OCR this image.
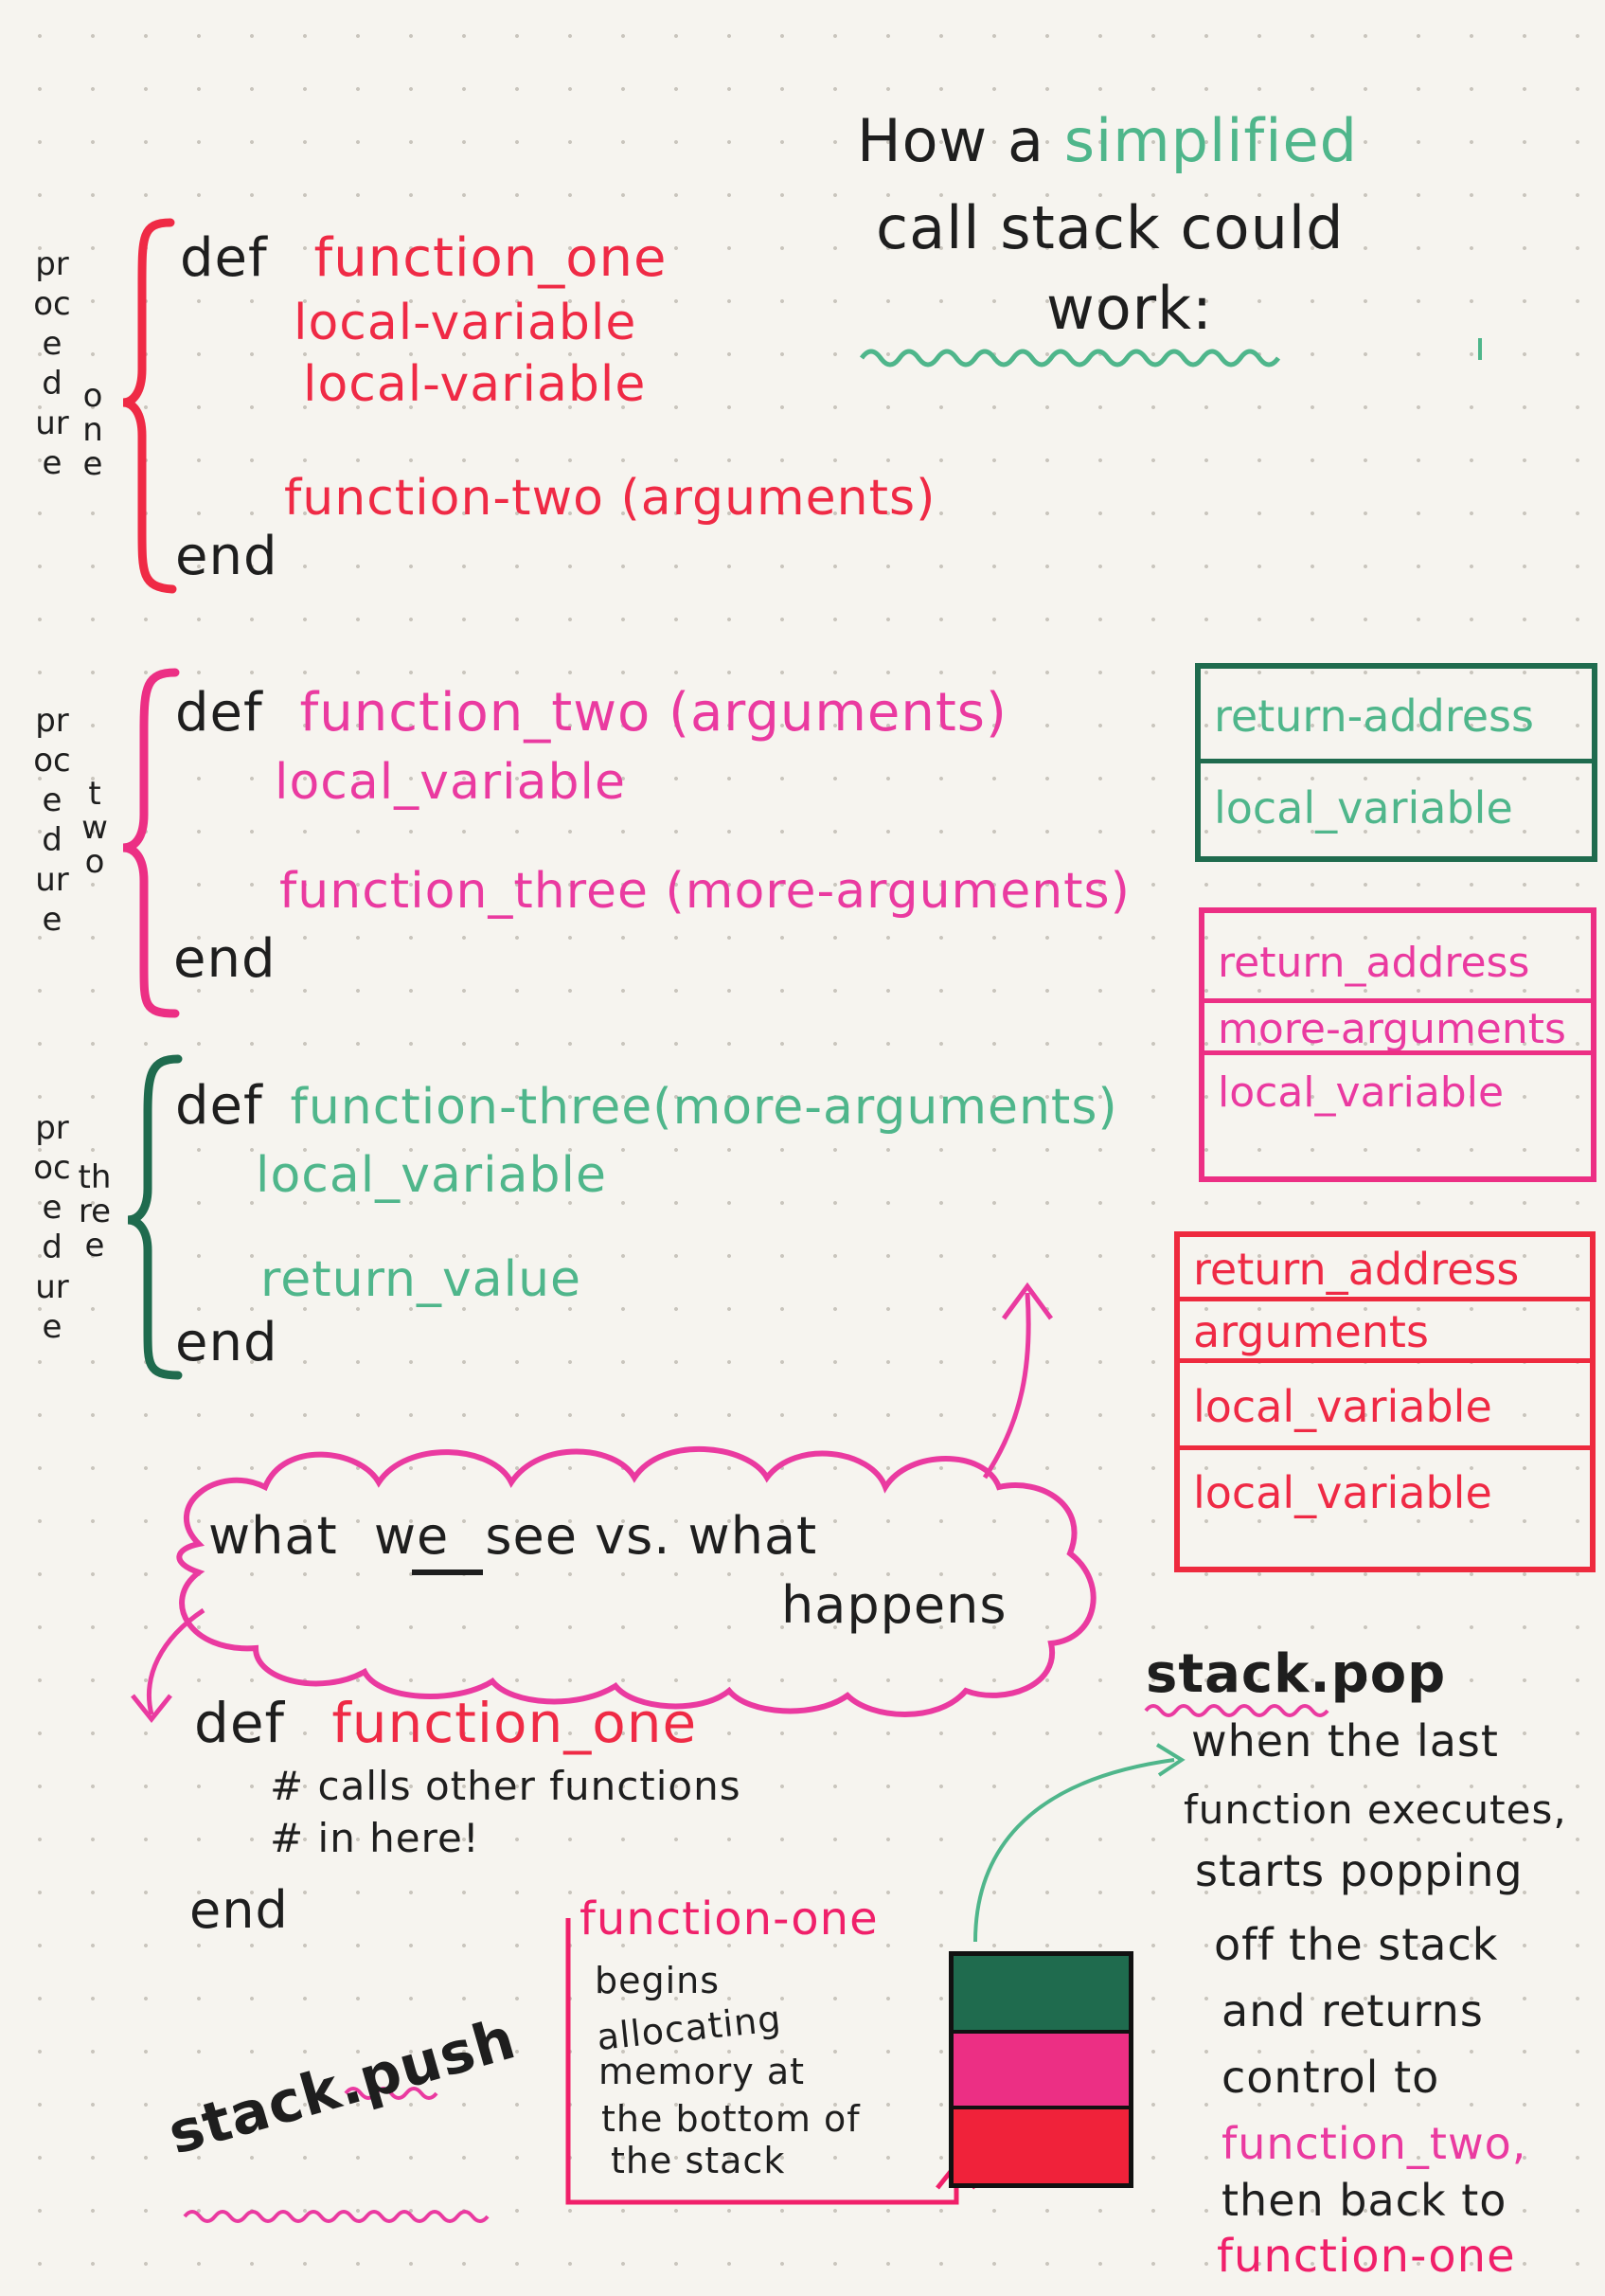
How a simplified
call stack could
work:
procedure
one
def function_one
local-variable
local-variable
function-two (arguments)
end
procedure
two
def function_two (arguments)
local_variable
function_three (more-arguments)
end
procedure
three
def function-three(more-arguments)
local_variable
return_value
end
return-address
local_variable
return_address
more-arguments
local_variable
return_address
arguments
local_variable
local_variable
what we see vs. what
happens
def function_one
# calls other functions
# in here!
end
stack.push
function-one
begins
allocating
memory at
the bottom of
the stack
stack.pop
when the last
function executes,
starts popping
off the stack
and returns
control to
function_two,
then back to
function-one
